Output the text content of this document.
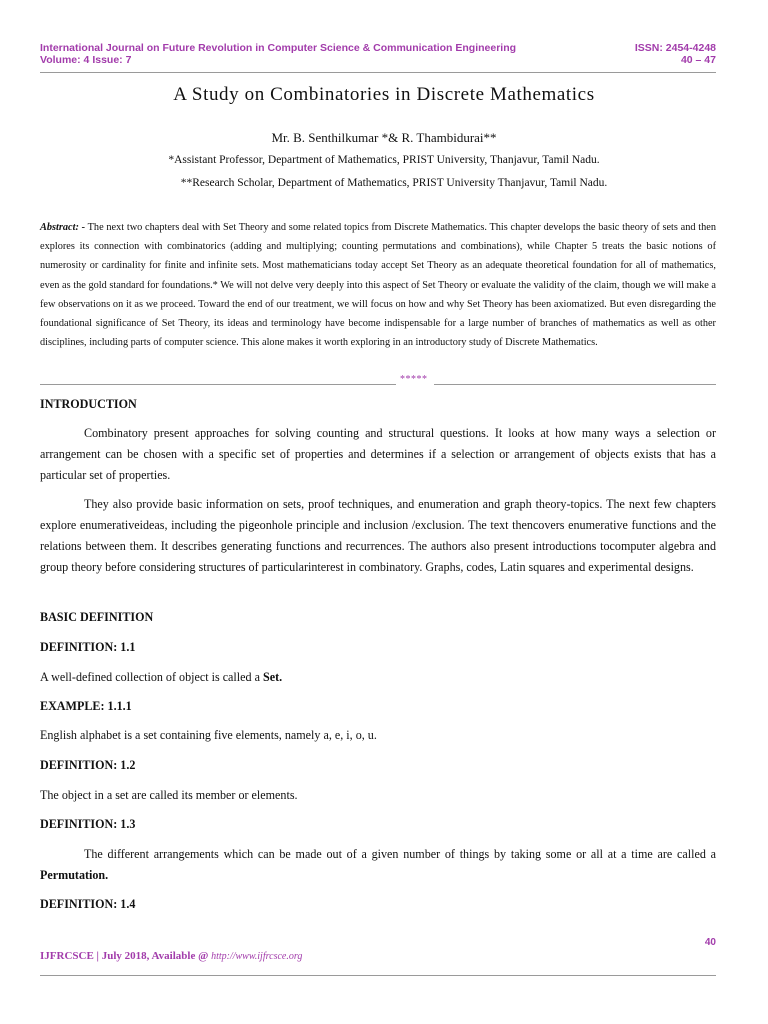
International Journal on Future Revolution in Computer Science & Communication Engineering
Volume: 4 Issue: 7
ISSN: 2454-4248
40 – 47
A Study on Combinatories in Discrete Mathematics
Mr. B. Senthilkumar *& R. Thambidurai**
*Assistant Professor, Department of Mathematics, PRIST University, Thanjavur, Tamil Nadu.
**Research Scholar, Department of Mathematics, PRIST University Thanjavur, Tamil Nadu.
Abstract: - The next two chapters deal with Set Theory and some related topics from Discrete Mathematics. This chapter develops the basic theory of sets and then explores its connection with combinatorics (adding and multiplying; counting permutations and combinations), while Chapter 5 treats the basic notions of numerosity or cardinality for finite and infinite sets. Most mathematicians today accept Set Theory as an adequate theoretical foundation for all of mathematics, even as the gold standard for foundations.* We will not delve very deeply into this aspect of Set Theory or evaluate the validity of the claim, though we will make a few observations on it as we proceed. Toward the end of our treatment, we will focus on how and why Set Theory has been axiomatized. But even disregarding the foundational significance of Set Theory, its ideas and terminology have become indispensable for a large number of branches of mathematics as well as other disciplines, including parts of computer science. This alone makes it worth exploring in an introductory study of Discrete Mathematics.
*****
INTRODUCTION
Combinatory present approaches for solving counting and structural questions. It looks at how many ways a selection or arrangement can be chosen with a specific set of properties and determines if a selection or arrangement of objects exists that has a particular set of properties.
They also provide basic information on sets, proof techniques, and enumeration and graph theory-topics. The next few chapters explore enumerativeideas, including the pigeonhole principle and inclusion /exclusion. The text thencovers enumerative functions and the relations between them. It describes generating functions and recurrences. The authors also present introductions tocomputer algebra and group theory before considering structures of particularinterest in combinatory. Graphs, codes, Latin squares and experimental designs.
BASIC DEFINITION
DEFINITION: 1.1
A well-defined collection of object is called a Set.
EXAMPLE: 1.1.1
English alphabet is a set containing five elements, namely a, e, i, o, u.
DEFINITION: 1.2
The object in a set are called its member or elements.
DEFINITION: 1.3
The different arrangements which can be made out of a given number of things by taking some or all at a time are called a Permutation.
DEFINITION: 1.4
40
IJFRCSCE | July 2018, Available @ http://www.ijfrcsce.org
